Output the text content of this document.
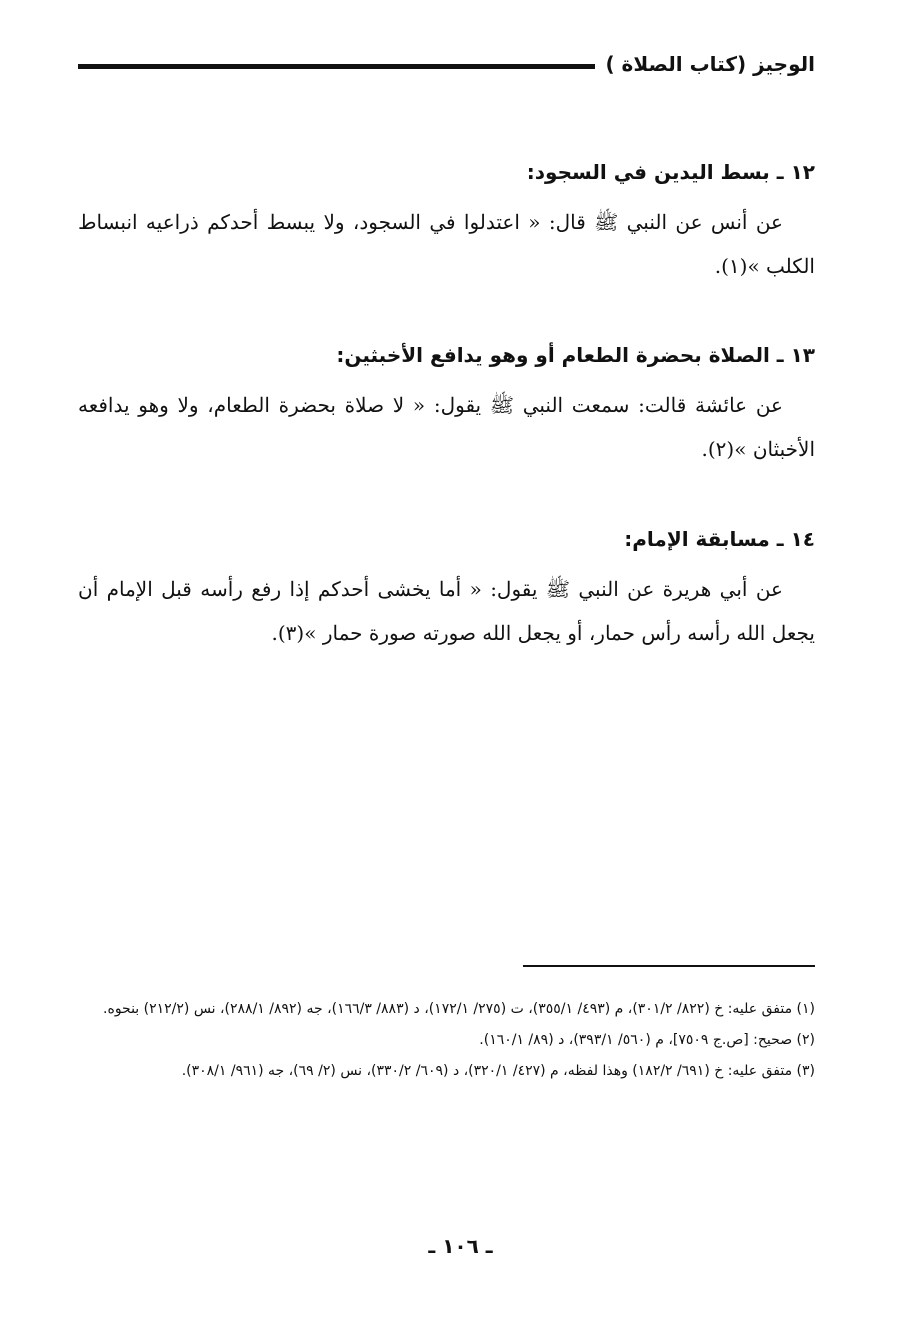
الوجيز (كتاب الصلاة )
١٢ ـ بسط اليدين في السجود:
عن أنس عن النبي ﷺ قال: « اعتدلوا في السجود، ولا يبسط أحدكم ذراعيه انبساط الكلب »(١).
١٣ ـ الصلاة بحضرة الطعام أو وهو يدافع الأخبثين:
عن عائشة قالت: سمعت النبي ﷺ يقول: « لا صلاة بحضرة الطعام، ولا وهو يدافعه الأخبثان »(٢).
١٤ ـ مسابقة الإمام:
عن أبي هريرة عن النبي ﷺ يقول: « أما يخشى أحدكم إذا رفع رأسه قبل الإمام أن يجعل الله رأسه رأس حمار، أو يجعل الله صورته صورة حمار »(٣).

(١) متفق عليه: خ (٨٢٢/ ٣٠١/٢)، م (٤٩٣/ ٣٥٥/١)، ت (٢٧٥/ ١٧٢/١)، د (٨٨٣/ ١٦٦/٣)، جه (٨٩٢/ ٢٨٨/١)، نس (٢١٢/٢) بنحوه.

(٢) صحيح: [ص.ج ٧٥٠٩]، م (٥٦٠/ ٣٩٣/١)، د (٨٩/ ١٦٠/١).

(٣) متفق عليه: خ (٦٩١/ ١٨٢/٢) وهذا لفظه، م (٤٢٧/ ٣٢٠/١)، د (٦٠٩/ ٣٣٠/٢)، نس (٢/ ٦٩)، جه (٩٦١/ ٣٠٨/١).

ـ ١٠٦ ـ
